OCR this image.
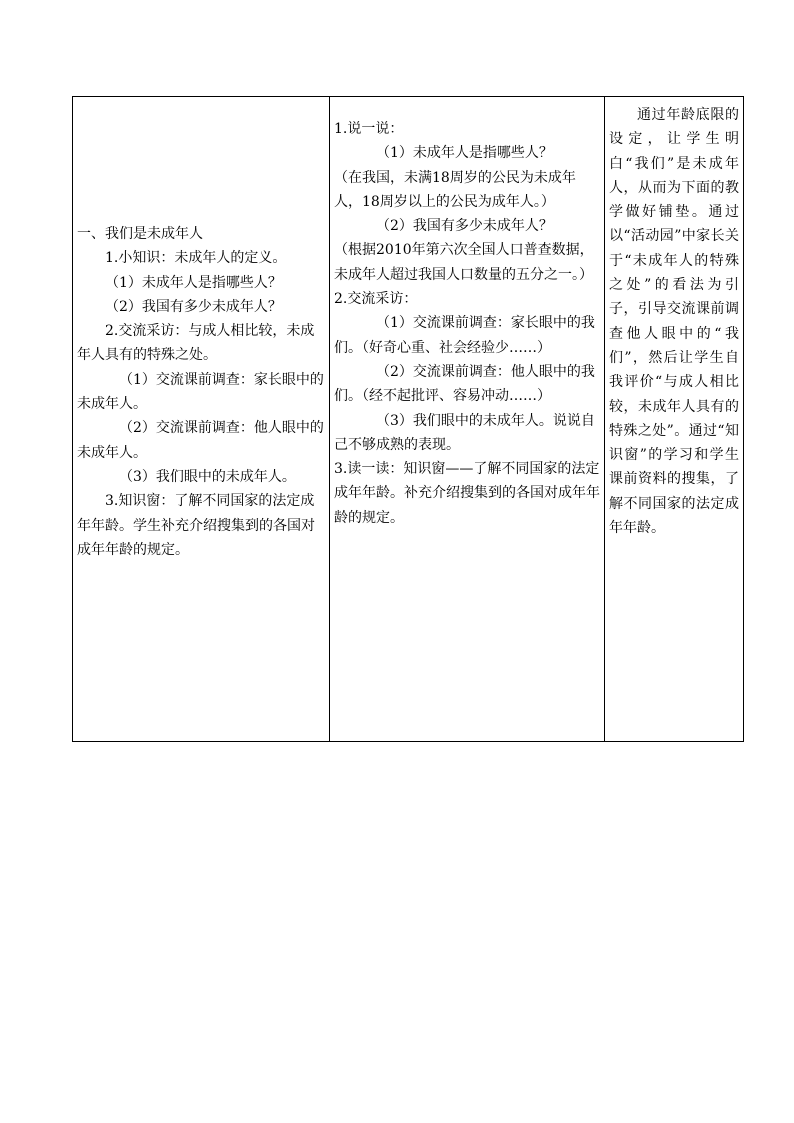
一、我们是未成年人
1.小知识：未成年人的定义。
（1）未成年人是指哪些人？
（2）我国有多少未成年人？
2.交流采访：与成人相比较，未成年人具有的特殊之处。
（1）交流课前调查：家长眼中的未成年人。
（2）交流课前调查：他人眼中的未成年人。
（3）我们眼中的未成年人。
3.知识窗：了解不同国家的法定成年年龄。学生补充介绍搜集到的各国对成年年龄的规定。

1.说一说：
（1）未成年人是指哪些人？
（在我国，未满18周岁的公民为未成年人，18周岁以上的公民为成年人。）
（2）我国有多少未成年人？
（根据2010年第六次全国人口普查数据，未成年人超过我国人口数量的五分之一。）
2.交流采访：
（1）交流课前调查：家长眼中的我们。（好奇心重、社会经验少……）
（2）交流课前调查：他人眼中的我们。（经不起批评、容易冲动……）
（3）我们眼中的未成年人。说说自己不够成熟的表现。
3.读一读：知识窗——了解不同国家的法定成年年龄。补充介绍搜集到的各国对成年年龄的规定。

通过年龄底限的设定，让学生明白“我们”是未成年人，从而为下面的教学做好铺垫。通过以“活动园”中家长关于“未成年人的特殊之处”的看法为引子，引导交流课前调查他人眼中的“我们”，然后让学生自我评价“与成人相比较，未成年人具有的特殊之处”。通过“知识窗”的学习和学生课前资料的搜集，了解不同国家的法定成年年龄。
